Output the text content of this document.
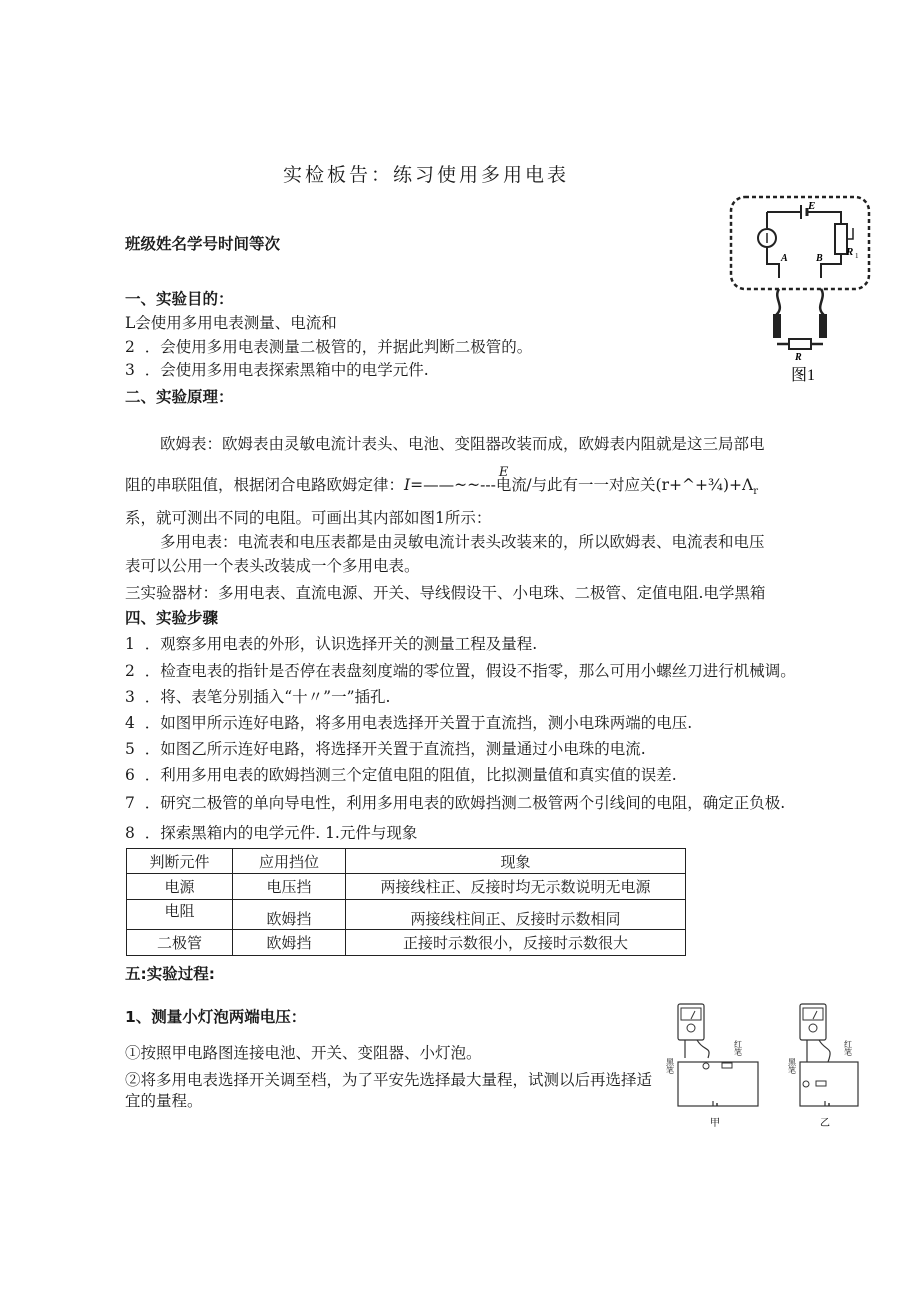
实检板告：练习使用多用电表
班级姓名学号时间等次
一、实验目的：
L会使用多用电表测量、电流和
2	．会使用多用电表测量二极管的，并据此判断二极管的。
3	．会使用多用电表探索黑箱中的电学元件.
二、实验原理：
欧姆表：欧姆表由灵敏电流计表头、电池、变阻器改装而成，欧姆表内阻就是这三局部电
阻的串联阻值，根据闭合电路欧姆定律：I=——~~---电流$^E$/与此有一一对应关$(r+\^{}+\frac{3}{4})+\Lambda_r$
系，就可测出不同的电阻。可画出其内部如图1所示：
多用电表：电流表和电压表都是由灵敏电流计表头改装来的，所以欧姆表、电流表和电压
表可以公用一个表头改装成一个多用电表。
三实验器材：多用电表、直流电源、开关、导线假设干、小电珠、二极管、定值电阻.电学黑箱
四、实验步骤
1	．观察多用电表的外形，认识选择开关的测量工程及量程.
2	．检查电表的指针是否停在表盘刻度端的零位置，假设不指零，那么可用小螺丝刀进行机械调。
3	．将、表笔分别插入“十〃”一”插孔.
4	．如图甲所示连好电路，将多用电表选择开关置于直流挡，测小电珠两端的电压.
5	．如图乙所示连好电路，将选择开关置于直流挡，测量通过小电珠的电流.
6	．利用多用电表的欧姆挡测三个定值电阻的阻值，比拟测量值和真实值的误差.
7	．研究二极管的单向导电性，利用多用电表的欧姆挡测二极管两个引线间的电阻，确定正负极.
8	．探索黑箱内的电学元件. 1.元件与现象
判断元件	应用挡位	现象
电源	电压挡	两接线柱正、反接时均无示数说明无电源
电阻	欧姆挡	两接线柱间正、反接时示数相同
二极管	欧姆挡	正接时示数很小，反接时示数很大
五:实验过程:
1、测量小灯泡两端电压：
①按照甲电路图连接电池、开关、变阻器、小灯泡。
②将多用电表选择开关调至档，为了平安先选择最大量程，试测以后再选择适
宜的量程。
E
R 1
A	B
R
图1
黑笔
红笔
甲
黑笔
红笔
乙
